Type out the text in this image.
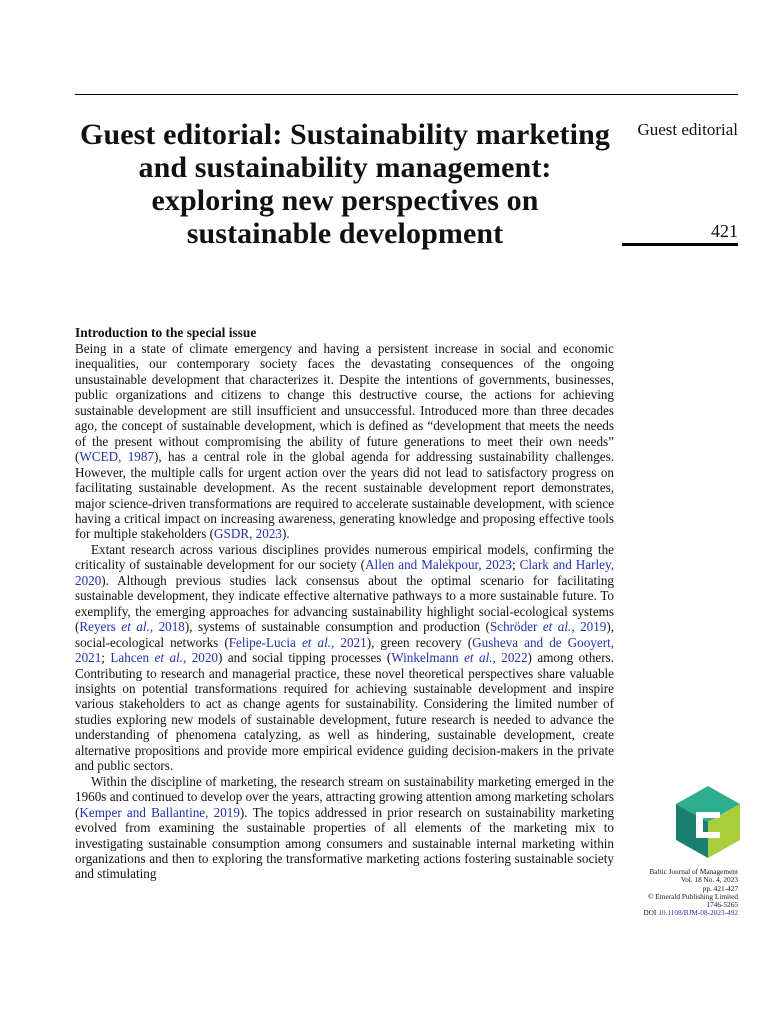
Guest editorial: Sustainability marketing and sustainability management: exploring new perspectives on sustainable development
Guest editorial
421
Introduction to the special issue

Being in a state of climate emergency and having a persistent increase in social and economic inequalities, our contemporary society faces the devastating consequences of the ongoing unsustainable development that characterizes it. Despite the intentions of governments, businesses, public organizations and citizens to change this destructive course, the actions for achieving sustainable development are still insufficient and unsuccessful. Introduced more than three decades ago, the concept of sustainable development, which is defined as “development that meets the needs of the present without compromising the ability of future generations to meet their own needs” (WCED, 1987), has a central role in the global agenda for addressing sustainability challenges. However, the multiple calls for urgent action over the years did not lead to satisfactory progress on facilitating sustainable development. As the recent sustainable development report demonstrates, major science-driven transformations are required to accelerate sustainable development, with science having a critical impact on increasing awareness, generating knowledge and proposing effective tools for multiple stakeholders (GSDR, 2023).

Extant research across various disciplines provides numerous empirical models, confirming the criticality of sustainable development for our society (Allen and Malekpour, 2023; Clark and Harley, 2020). Although previous studies lack consensus about the optimal scenario for facilitating sustainable development, they indicate effective alternative pathways to a more sustainable future. To exemplify, the emerging approaches for advancing sustainability highlight social-ecological systems (Reyers et al., 2018), systems of sustainable consumption and production (Schröder et al., 2019), social-ecological networks (Felipe-Lucia et al., 2021), green recovery (Gusheva and de Gooyert, 2021; Lahcen et al., 2020) and social tipping processes (Winkelmann et al., 2022) among others. Contributing to research and managerial practice, these novel theoretical perspectives share valuable insights on potential transformations required for achieving sustainable development and inspire various stakeholders to act as change agents for sustainability. Considering the limited number of studies exploring new models of sustainable development, future research is needed to advance the understanding of phenomena catalyzing, as well as hindering, sustainable development, create alternative propositions and provide more empirical evidence guiding decision-makers in the private and public sectors.

Within the discipline of marketing, the research stream on sustainability marketing emerged in the 1960s and continued to develop over the years, attracting growing attention among marketing scholars (Kemper and Ballantine, 2019). The topics addressed in prior research on sustainability marketing evolved from examining the sustainable properties of all elements of the marketing mix to investigating sustainable consumption among consumers and sustainable internal marketing within organizations and then to exploring the transformative marketing actions fostering sustainable society and stimulating	Baltic Journal of Management
Vol. 18 No. 4, 2023
pp. 421-427
© Emerald Publishing Limited
1746-5265
DOI 10.1108/BJM-08-2023-492
